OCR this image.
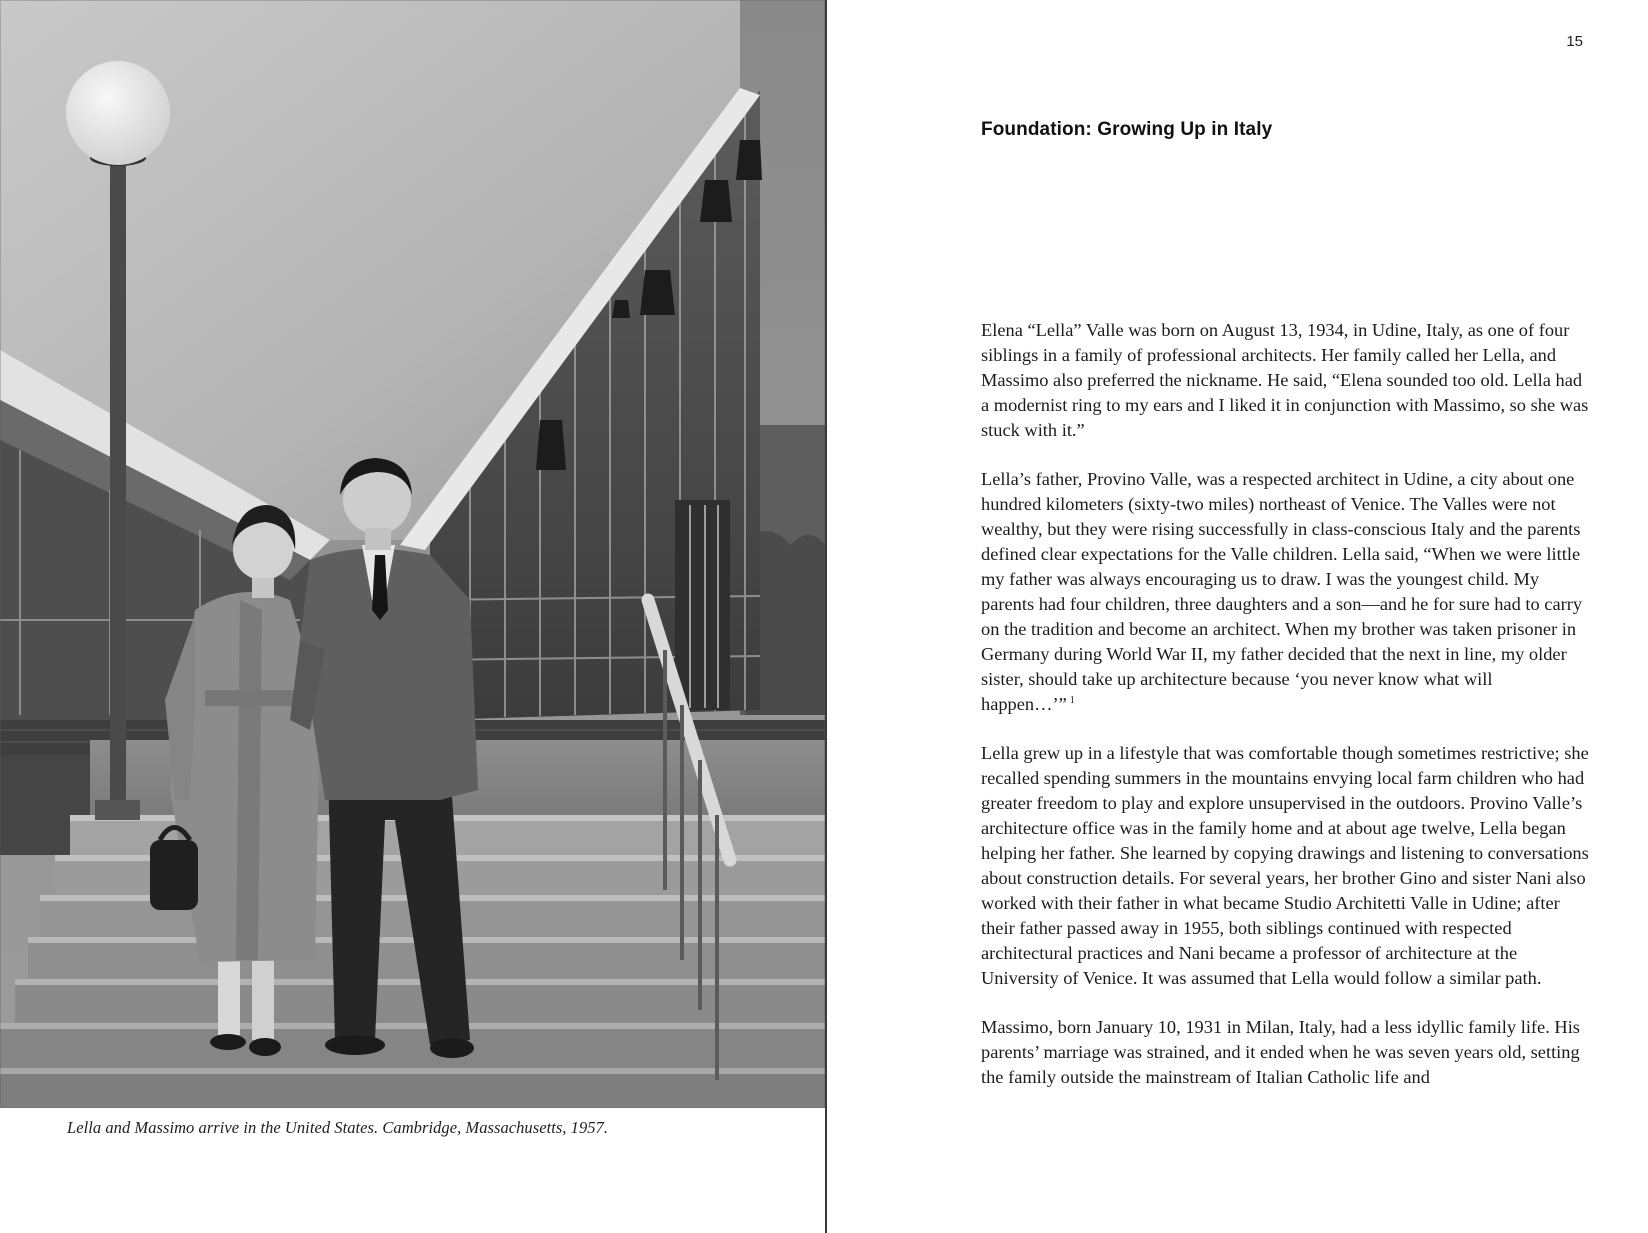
Lella and Massimo arrive in the United States. Cambridge, Massachusetts, 1957.
15
Foundation: Growing Up in Italy

Elena “Lella” Valle was born on August 13, 1934, in Udine, Italy, as one of four siblings in a family of professional architects. Her family called her Lella, and Massimo also preferred the nickname. He said, “Elena sounded too old. Lella had a modernist ring to my ears and I liked it in conjunction with Massimo, so she was stuck with it.”

Lella’s father, Provino Valle, was a respected architect in Udine, a city about one hundred kilometers (sixty-two miles) northeast of Venice. The Valles were not wealthy, but they were rising successfully in class-conscious Italy and the parents defined clear expectations for the Valle children. Lella said, “When we were little my father was always encouraging us to draw. I was the youngest child. My parents had four children, three daughters and a son—and he for sure had to carry on the tradition and become an architect. When my brother was taken prisoner in Germany during World War II, my father decided that the next in line, my older sister, should take up architecture because ‘you never know what will happen…’” $^1$

Lella grew up in a lifestyle that was comfortable though sometimes restrictive; she recalled spending summers in the mountains envying local farm children who had greater freedom to play and explore unsupervised in the outdoors. Provino Valle’s architecture office was in the family home and at about age twelve, Lella began helping her father. She learned by copying drawings and listening to conversations about construction details. For several years, her brother Gino and sister Nani also worked with their father in what became Studio Architetti Valle in Udine; after their father passed away in 1955, both siblings continued with respected architectural practices and Nani became a professor of architecture at the University of Venice. It was assumed that Lella would follow a similar path.

Massimo, born January 10, 1931 in Milan, Italy, had a less idyllic family life. His parents’ marriage was strained, and it ended when he was seven years old, setting the family outside the mainstream of Italian Catholic life and
